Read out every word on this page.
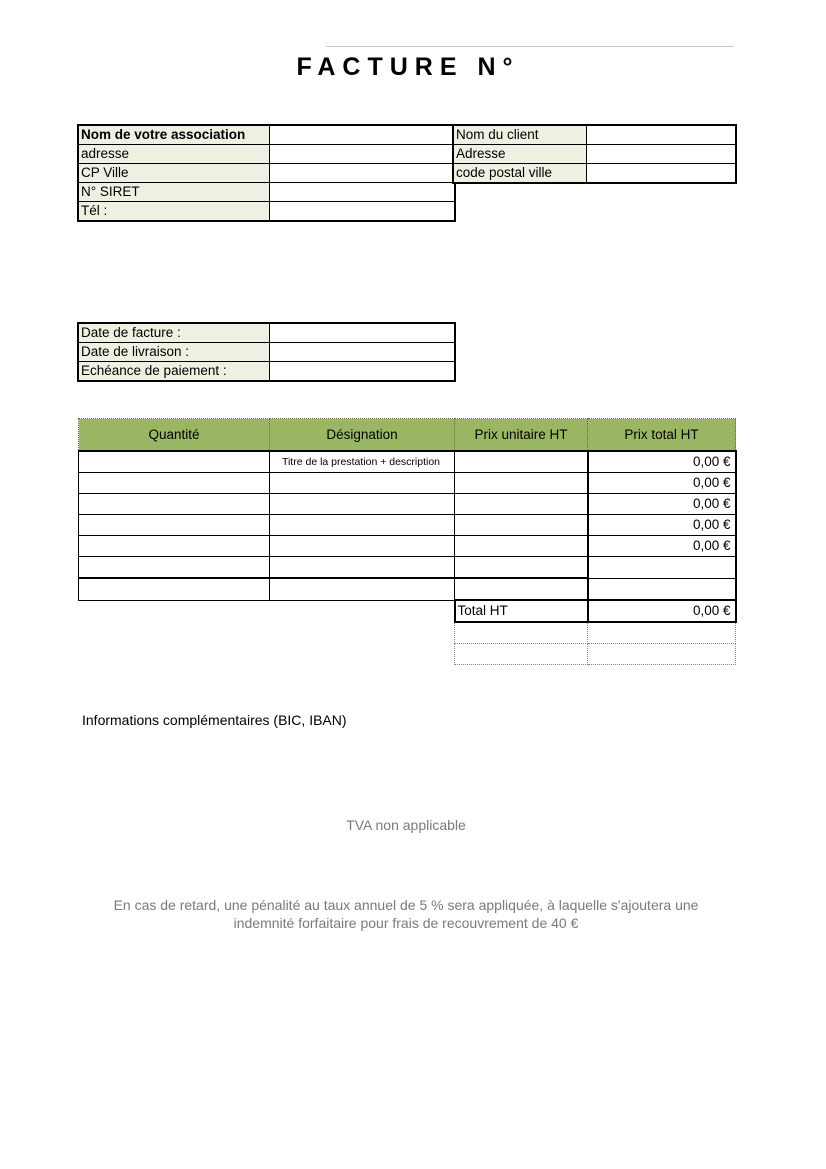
FACTURE N°
Nom de votre association	
adresse	
CP Ville	
N° SIRET	
Tél :	
Nom du client	
Adresse	
code postal ville	
Date de facture :	
Date de livraison :	
Echéance de paiement :	
Quantité	Désignation	Prix unitaire HT	Prix total HT
	Titre de la prestation + description		0,00 €
			0,00 €
			0,00 €
			0,00 €
			0,00 €

		Total HT	0,00 €

Informations complémentaires (BIC, IBAN)
TVA non applicable
En cas de retard, une pénalité au taux annuel de 5 % sera appliquée, à laquelle s'ajoutera une
indemnité forfaitaire pour frais de recouvrement de 40 €
